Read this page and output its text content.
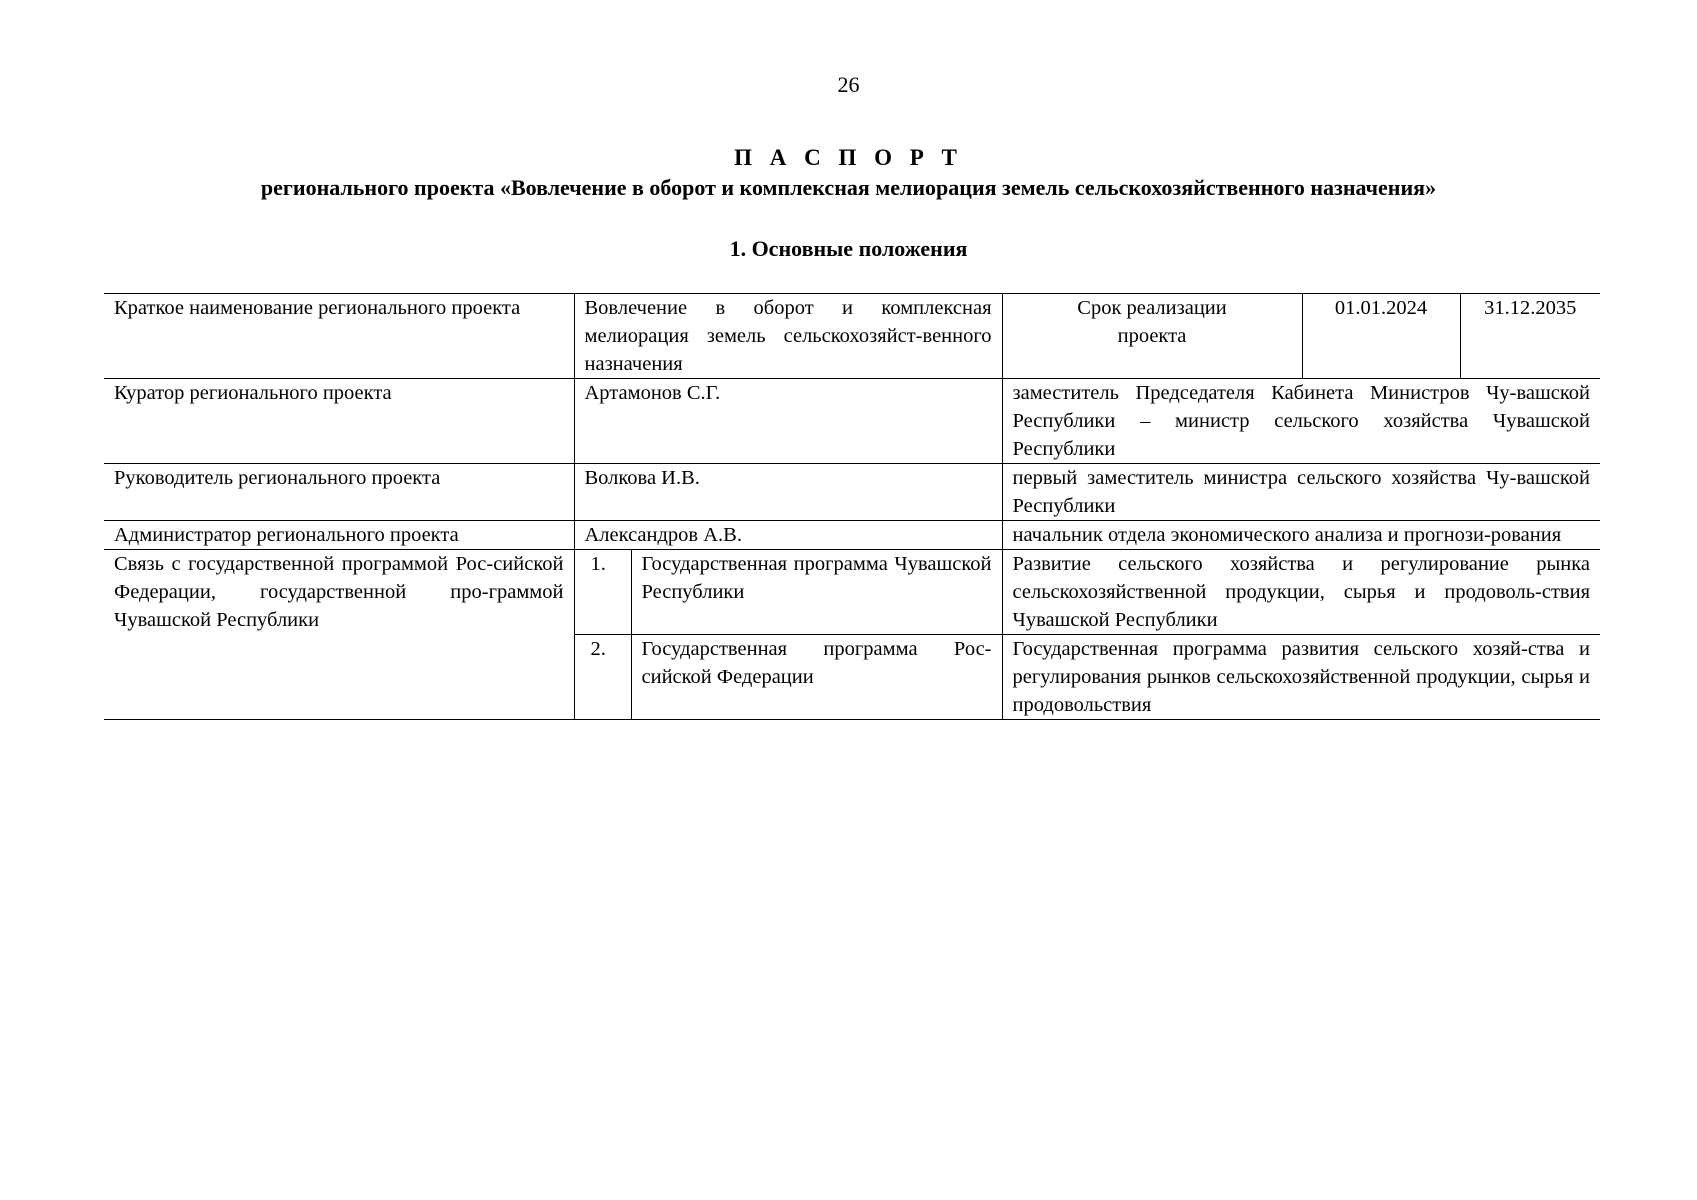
26
П А С П О Р Т
регионального проекта «Вовлечение в оборот и комплексная мелиорация земель сельскохозяйственного назначения»
1. Основные положения
Краткое наименование регионального проекта	Вовлечение в оборот и комплексная мелиорация земель сельскохозяйст-венного назначения		Срок реализации проекта	01.01.2024	31.12.2035
Куратор регионального проекта	Артамонов С.Г.		заместитель Председателя Кабинета Министров Чу-вашской Республики – министр сельского хозяйства Чувашской Республики		
Руководитель регионального проекта	Волкова И.В.		первый заместитель министра сельского хозяйства Чу-вашской Республики		
Администратор регионального проекта	Александров А.В.		начальник отдела экономического анализа и прогнози-рования		
Связь с государственной программой Рос-сийской Федерации, государственной про-граммой Чувашской Республики	1.	Государственная программа Чувашской Республики	Развитие сельского хозяйства и регулирование рынка сельскохозяйственной продукции, сырья и продоволь-ствия Чувашской Республики		
	2.	Государственная программа Рос-сийской Федерации	Государственная программа развития сельского хозяй-ства и регулирования рынков сельскохозяйственной продукции, сырья и продовольствия		
